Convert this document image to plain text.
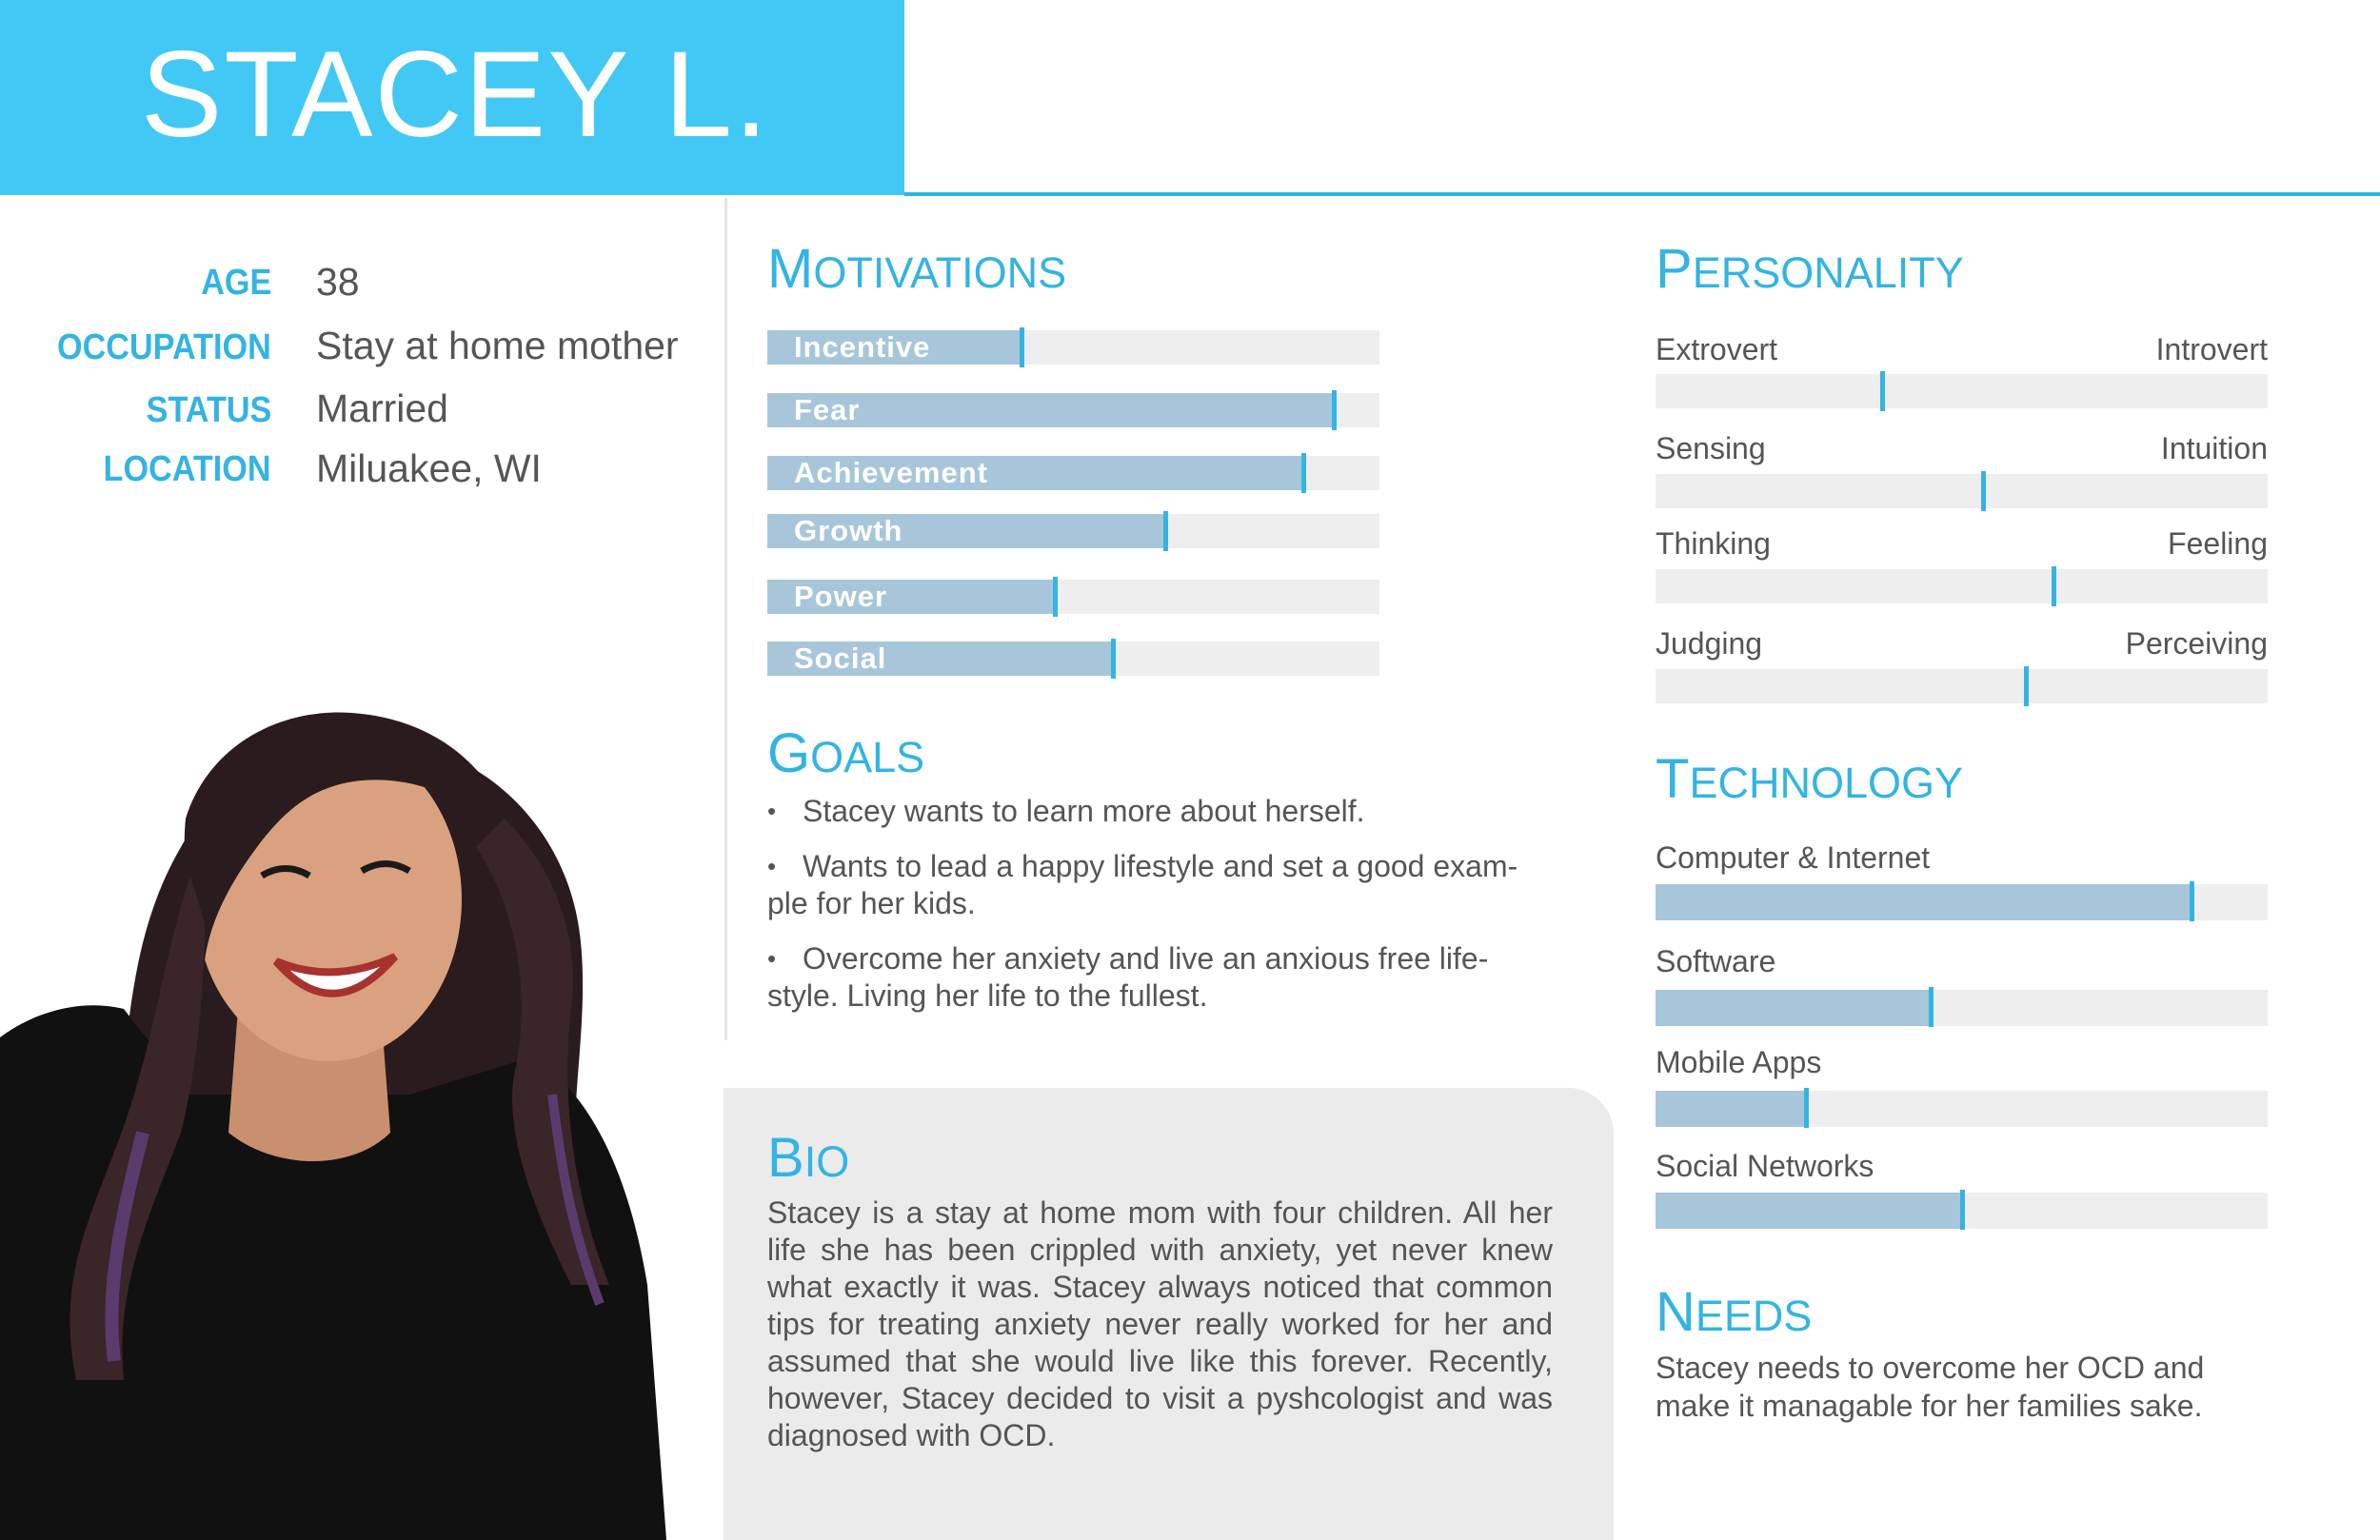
STACEY L.
AGE 38
OCCUPATION Stay at home mother
STATUS Married
LOCATION Miluakee, WI
MOTIVATIONS
Incentive
Fear
Achievement
Growth
Power
Social
GOALS
• Stacey wants to learn more about herself.
• Wants to lead a happy lifestyle and set a good exam-
ple for her kids.
• Overcome her anxiety and live an anxious free life-
style. Living her life to the fullest.
BIO
Stacey is a stay at home mom with four children. All her life she has been crippled with anxiety, yet never knew what exactly it was. Stacey always noticed that common tips for treating anxiety never really worked for her and assumed that she would live like this forever. Recently, however, Stacey decided to visit a pyshcologist and was diagnosed with OCD.
PERSONALITY
Extrovert	Introvert
Sensing	Intuition
Thinking	Feeling
Judging	Perceiving
TECHNOLOGY
Computer & Internet
Software
Mobile Apps
Social Networks
NEEDS
Stacey needs to overcome her OCD and make it managable for her families sake.
